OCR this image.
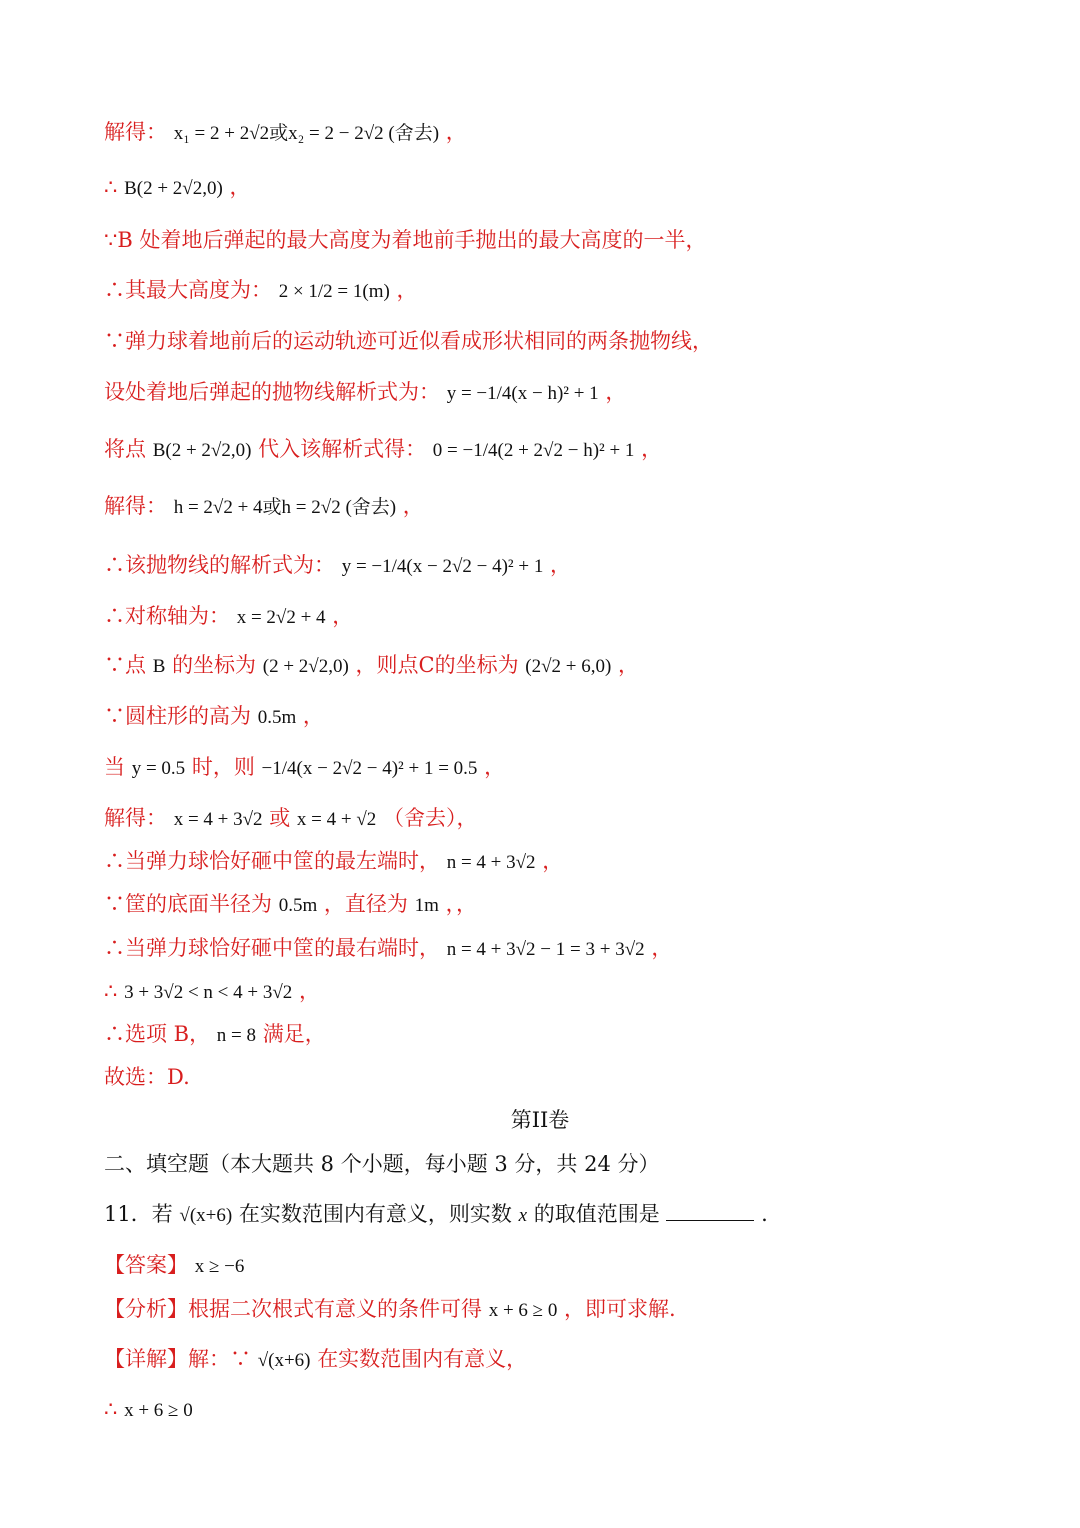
解得： x₁ = 2 + 2√2或x₂ = 2 − 2√2 (舍去) ，
∴ B(2 + 2√2,0) ，
∵B 处着地后弹起的最大高度为着地前手抛出的最大高度的一半，
∴其最大高度为： 2 × 1/2 = 1(m) ，
∵弹力球着地前后的运动轨迹可近似看成形状相同的两条抛物线，
设处着地后弹起的抛物线解析式为： y = −1/4(x − h)² + 1 ，
将点 B(2 + 2√2,0) 代入该解析式得： 0 = −1/4(2 + 2√2 − h)² + 1 ，
解得： h = 2√2 + 4或h = 2√2 (舍去) ，
∴该抛物线的解析式为： y = −1/4(x − 2√2 − 4)² + 1 ，
∴对称轴为： x = 2√2 + 4 ，
∵点 B 的坐标为 (2 + 2√2,0) ，则点C的坐标为 (2√2 + 6,0) ，
∵圆柱形的高为 0.5m ，
当 y = 0.5 时，则 −1/4(x − 2√2 − 4)² + 1 = 0.5 ，
解得： x = 4 + 3√2 或 x = 4 + √2 （舍去），
∴当弹力球恰好砸中筐的最左端时， n = 4 + 3√2 ，
∵筐的底面半径为 0.5m ，直径为 1m ，，
∴当弹力球恰好砸中筐的最右端时， n = 4 + 3√2 − 1 = 3 + 3√2 ，
∴ 3 + 3√2 < n < 4 + 3√2 ，
∴选项 B， n = 8 满足，
故选：D.
第II卷
二、填空题（本大题共 8 个小题，每小题 3 分，共 24 分）
11．若 √(x+6) 在实数范围内有意义，则实数 x 的取值范围是	.
【答案】 x ≥ −6
【分析】根据二次根式有意义的条件可得 x + 6 ≥ 0 ，即可求解.
【详解】解：∵ √(x+6) 在实数范围内有意义，
∴ x + 6 ≥ 0
